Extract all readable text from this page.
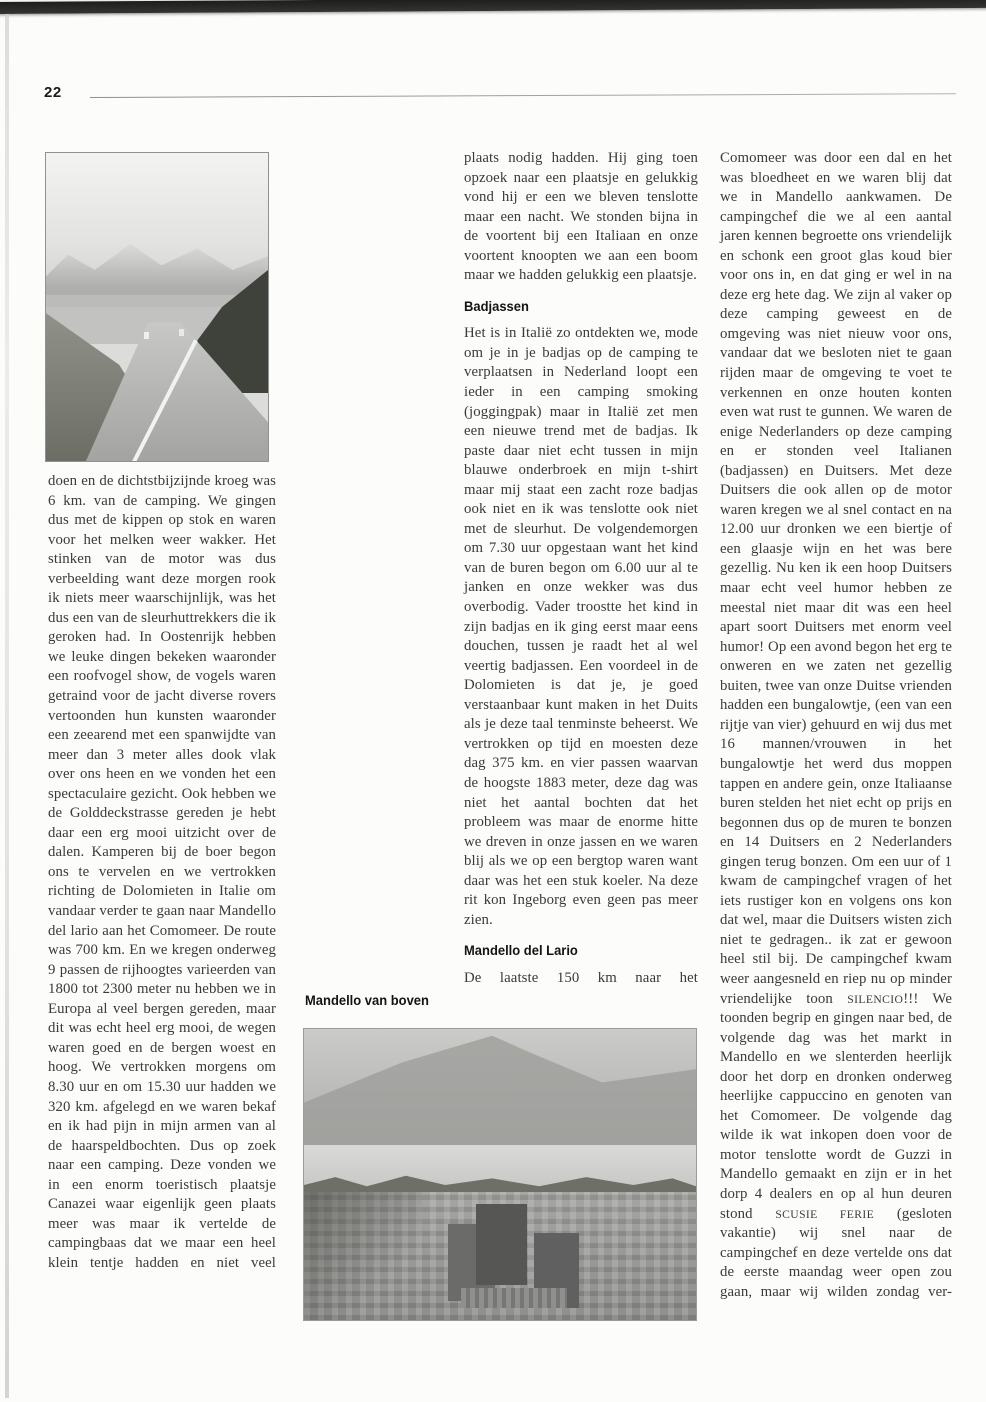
22

doen en de dichtstbijzijnde kroeg was 6 km. van de camping. We gingen dus met de kippen op stok en waren voor het melken weer wakker. Het stinken van de motor was dus verbeelding want deze morgen rook ik niets meer waarschijnlijk, was het dus een van de sleurhuttrekkers die ik geroken had. In Oostenrijk hebben we leuke dingen bekeken waaronder een roofvogel show, de vogels waren getraind voor de jacht diverse rovers vertoonden hun kunsten waaronder een zeearend met een spanwijdte van meer dan 3 meter alles dook vlak over ons heen en we vonden het een spectaculaire gezicht. Ook hebben we de Golddeckstrasse gereden je hebt daar een erg mooi uitzicht over de dalen. Kamperen bij de boer begon ons te vervelen en we vertrokken richting de Dolomieten in Italie om vandaar verder te gaan naar Mandello del lario aan het Comomeer. De route was 700 km. En we kregen onderweg 9 passen de rijhoogtes varieerden van 1800 tot 2300 meter nu hebben we in Europa al veel bergen gereden, maar dit was echt heel erg mooi, de wegen waren goed en de bergen woest en hoog. We vertrokken morgens om 8.30 uur en om 15.30 uur hadden we 320 km. afgelegd en we waren bekaf en ik had pijn in mijn armen van al de haarspeldbochten. Dus op zoek naar een camping. Deze vonden we in een enorm toeristisch plaatsje Canazei waar eigenlijk geen plaats meer was maar ik vertelde de campingbaas dat we maar een heel klein tentje hadden en niet veel

plaats nodig hadden. Hij ging toen opzoek naar een plaatsje en gelukkig vond hij er een we bleven tenslotte maar een nacht. We stonden bijna in de voortent bij een Italiaan en onze voortent knoopten we aan een boom maar we hadden gelukkig een plaatsje.

Badjassen

Het is in Italië zo ontdekten we, mode om je in je badjas op de camping te verplaatsen in Nederland loopt een ieder in een camping smoking (joggingpak) maar in Italië zet men een nieuwe trend met de badjas. Ik paste daar niet echt tussen in mijn blauwe onderbroek en mijn t-shirt maar mij staat een zacht roze badjas ook niet en ik was tenslotte ook niet met de sleurhut. De volgendemorgen om 7.30 uur opgestaan want het kind van de buren begon om 6.00 uur al te janken en onze wekker was dus overbodig. Vader troostte het kind in zijn badjas en ik ging eerst maar eens douchen, tussen je raadt het al wel veertig badjassen. Een voordeel in de Dolomieten is dat je, je goed verstaanbaar kunt maken in het Duits als je deze taal tenminste beheerst. We vertrokken op tijd en moesten deze dag 375 km. en vier passen waarvan de hoogste 1883 meter, deze dag was niet het aantal bochten dat het probleem was maar de enorme hitte we dreven in onze jassen en we waren blij als we op een bergtop waren want daar was het een stuk koeler. Na deze rit kon Ingeborg even geen pas meer zien.

Mandello del Lario

De laatste 150 km naar het

Mandello van boven

Comomeer was door een dal en het was bloedheet en we waren blij dat we in Mandello aankwamen. De campingchef die we al een aantal jaren kennen begroette ons vriendelijk en schonk een groot glas koud bier voor ons in, en dat ging er wel in na deze erg hete dag. We zijn al vaker op deze camping geweest en de omgeving was niet nieuw voor ons, vandaar dat we besloten niet te gaan rijden maar de omgeving te voet te verkennen en onze houten konten even wat rust te gunnen. We waren de enige Nederlanders op deze camping en er stonden veel Italianen (badjassen) en Duitsers. Met deze Duitsers die ook allen op de motor waren kregen we al snel contact en na 12.00 uur dronken we een biertje of een glaasje wijn en het was bere gezellig. Nu ken ik een hoop Duitsers maar echt veel humor hebben ze meestal niet maar dit was een heel apart soort Duitsers met enorm veel humor! Op een avond begon het erg te onweren en we zaten net gezellig buiten, twee van onze Duitse vrienden hadden een bungalowtje, (een van een rijtje van vier) gehuurd en wij dus met 16 mannen/vrouwen in het bungalowtje het werd dus moppen tappen en andere gein, onze Italiaanse buren stelden het niet echt op prijs en begonnen dus op de muren te bonzen en 14 Duitsers en 2 Nederlanders gingen terug bonzen. Om een uur of 1 kwam de campingchef vragen of het iets rustiger kon en volgens ons kon dat wel, maar die Duitsers wisten zich niet te gedragen.. ik zat er gewoon heel stil bij. De campingchef kwam weer aangesneld en riep nu op minder vriendelijke toon SILENCIO!!! We toonden begrip en gingen naar bed, de volgende dag was het markt in Mandello en we slenterden heerlijk door het dorp en dronken onderweg heerlijke cappuccino en genoten van het Comomeer. De volgende dag wilde ik wat inkopen doen voor de motor tenslotte wordt de Guzzi in Mandello gemaakt en zijn er in het dorp 4 dealers en op al hun deuren stond SCUSIE FERIE (gesloten vakantie) wij snel naar de campingchef en deze vertelde ons dat de eerste maandag weer open zou gaan, maar wij wilden zondag ver-
